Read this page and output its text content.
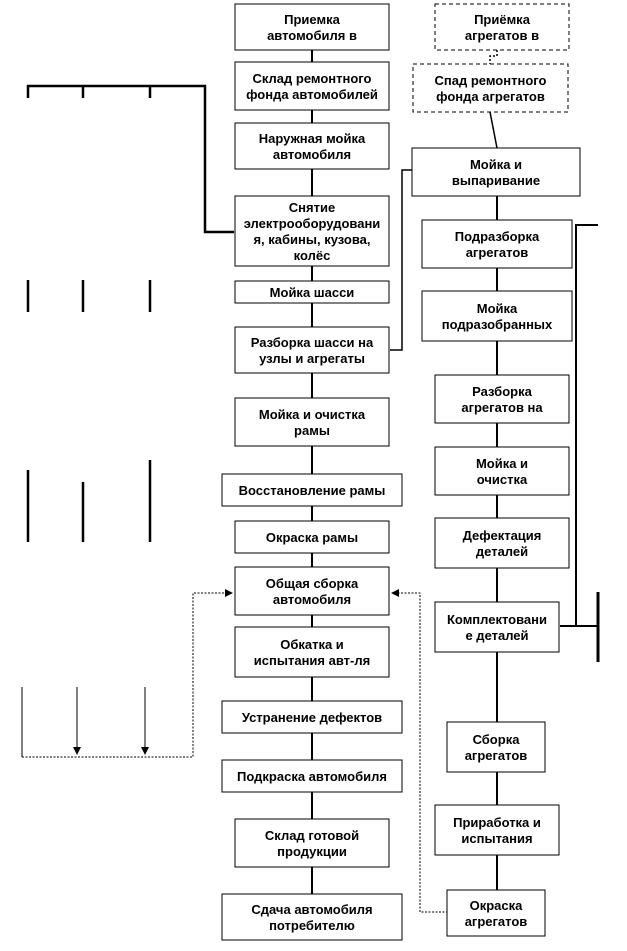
Приемка
автомобиля в
Склад ремонтного
фонда автомобилей
Наружная мойка
автомобиля
Снятие
электрооборудовани
я, кабины, кузова,
колёс
Мойка шасси
Разборка шасси на
узлы и агрегаты
Мойка и очистка
рамы
Восстановление рамы
Окраска рамы
Общая сборка
автомобиля
Обкатка и
испытания авт-ля
Устранение дефектов
Подкраска автомобиля
Склад готовой
продукции
Сдача автомобиля
потребителю
Приёмка
агрегатов в
Спад ремонтного
фонда агрегатов
Мойка и
выпаривание
Подразборка
агрегатов
Мойка
подразобранных
Разборка
агрегатов на
Мойка и
очистка
Дефектация
деталей
Комплектовани
е деталей
Сборка
агрегатов
Приработка и
испытания
Окраска
агрегатов
